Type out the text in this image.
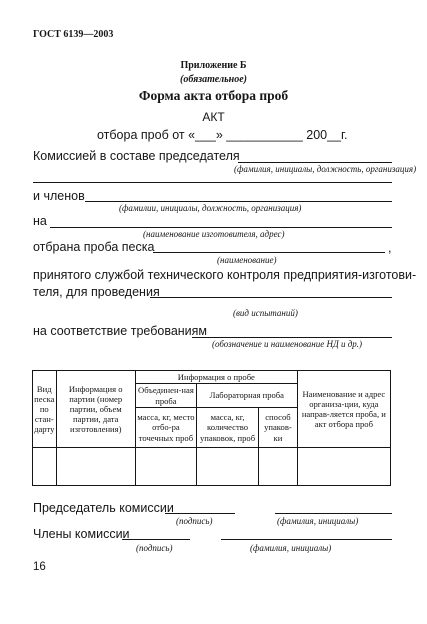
ГОСТ 6139—2003
Приложение Б
(обязательное)
Форма акта отбора проб
АКТ
отбора проб от «___» ___________ 200__г.
Комиссией в составе председателя
(фамилия, инициалы, должность, организация)
и членов
(фамилии, инициалы, должность, организация)
на
(наименование изготовителя, адрес)
отбрана проба песка	,
(наименование)
принятого службой технического контроля предприятия-изготови-
теля, для проведения
(вид испытаний)
на соответствие требованиям
(обозначение и наименование НД и др.)
Вид песка по стан-дарту	Информация о партии (номер партии, объем партии, дата изготовления)	Информация о пробе			Наименование и адрес организа-ции, куда направ-ляется проба, и акт отбора проб
		Объединен-ная проба	Лабораторная проба		
		масса, кг, место отбо-ра точечных проб	масса, кг, количество упаковок, проб	способ упаков-ки	

Председатель комиссии
(подпись)	(фамилия, инициалы)
Члены комиссии
(подпись)	(фамилия, инициалы)
16
